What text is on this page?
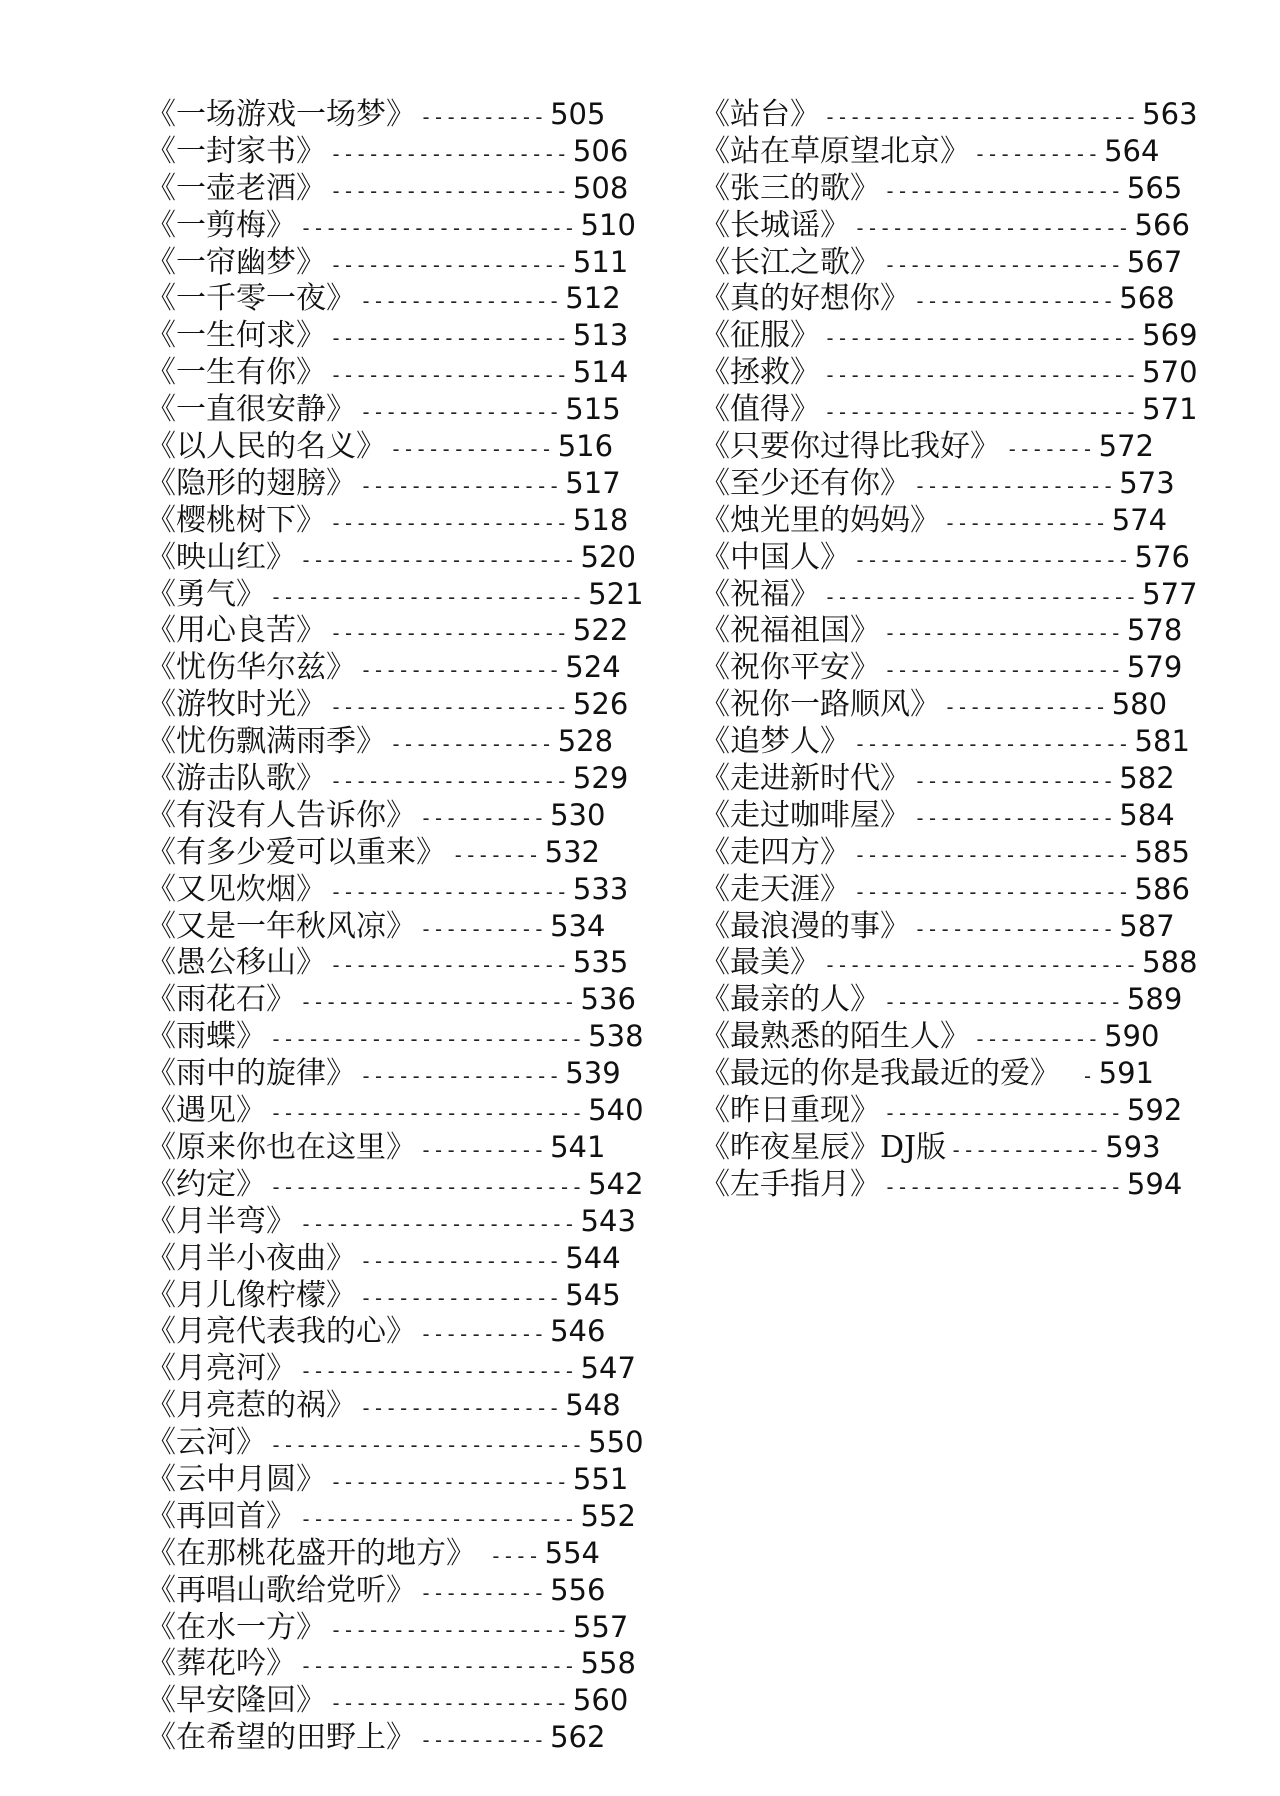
《一场游戏一场梦》 ---------- 505
《一封家书》 ------------------- 506
《一壶老酒》 ------------------- 508
《一剪梅》 ---------------------- 510
《一帘幽梦》 ------------------- 511
《一千零一夜》 ---------------- 512
《一生何求》 ------------------- 513
《一生有你》 ------------------- 514
《一直很安静》 ---------------- 515
《以人民的名义》 ------------- 516
《隐形的翅膀》 ---------------- 517
《樱桃树下》 ------------------- 518
《映山红》 ---------------------- 520
《勇气》 ------------------------- 521
《用心良苦》 ------------------- 522
《忧伤华尔兹》 ---------------- 524
《游牧时光》 ------------------- 526
《忧伤飘满雨季》 ------------- 528
《游击队歌》 ------------------- 529
《有没有人告诉你》 ---------- 530
《有多少爱可以重来》 ------- 532
《又见炊烟》 ------------------- 533
《又是一年秋风凉》 ---------- 534
《愚公移山》 ------------------- 535
《雨花石》 ---------------------- 536
《雨蝶》 ------------------------- 538
《雨中的旋律》 ---------------- 539
《遇见》 ------------------------- 540
《原来你也在这里》 ---------- 541
《约定》 ------------------------- 542
《月半弯》 ---------------------- 543
《月半小夜曲》 ---------------- 544
《月儿像柠檬》 ---------------- 545
《月亮代表我的心》 ---------- 546
《月亮河》 ---------------------- 547
《月亮惹的祸》 ---------------- 548
《云河》 ------------------------- 550
《云中月圆》 ------------------- 551
《再回首》 ---------------------- 552
《在那桃花盛开的地方》 ---- 554
《再唱山歌给党听》 ---------- 556
《在水一方》 ------------------- 557
《葬花吟》 ---------------------- 558
《早安隆回》 ------------------- 560
《在希望的田野上》 ---------- 562
《站台》 ------------------------- 563
《站在草原望北京》 ---------- 564
《张三的歌》 ------------------- 565
《长城谣》 ---------------------- 566
《长江之歌》 ------------------- 567
《真的好想你》 ---------------- 568
《征服》 ------------------------- 569
《拯救》 ------------------------- 570
《值得》 ------------------------- 571
《只要你过得比我好》 ------- 572
《至少还有你》 ---------------- 573
《烛光里的妈妈》 ------------- 574
《中国人》 ---------------------- 576
《祝福》 ------------------------- 577
《祝福祖国》 ------------------- 578
《祝你平安》 ------------------- 579
《祝你一路顺风》 ------------- 580
《追梦人》 ---------------------- 581
《走进新时代》 ---------------- 582
《走过咖啡屋》 ---------------- 584
《走四方》 ---------------------- 585
《走天涯》 ---------------------- 586
《最浪漫的事》 ---------------- 587
《最美》 ------------------------- 588
《最亲的人》 ------------------- 589
《最熟悉的陌生人》 ---------- 590
《最远的你是我最近的爱》	- 591
《昨日重现》 ------------------- 592
《昨夜星辰》DJ版 ------------ 593
《左手指月》 ------------------- 594
